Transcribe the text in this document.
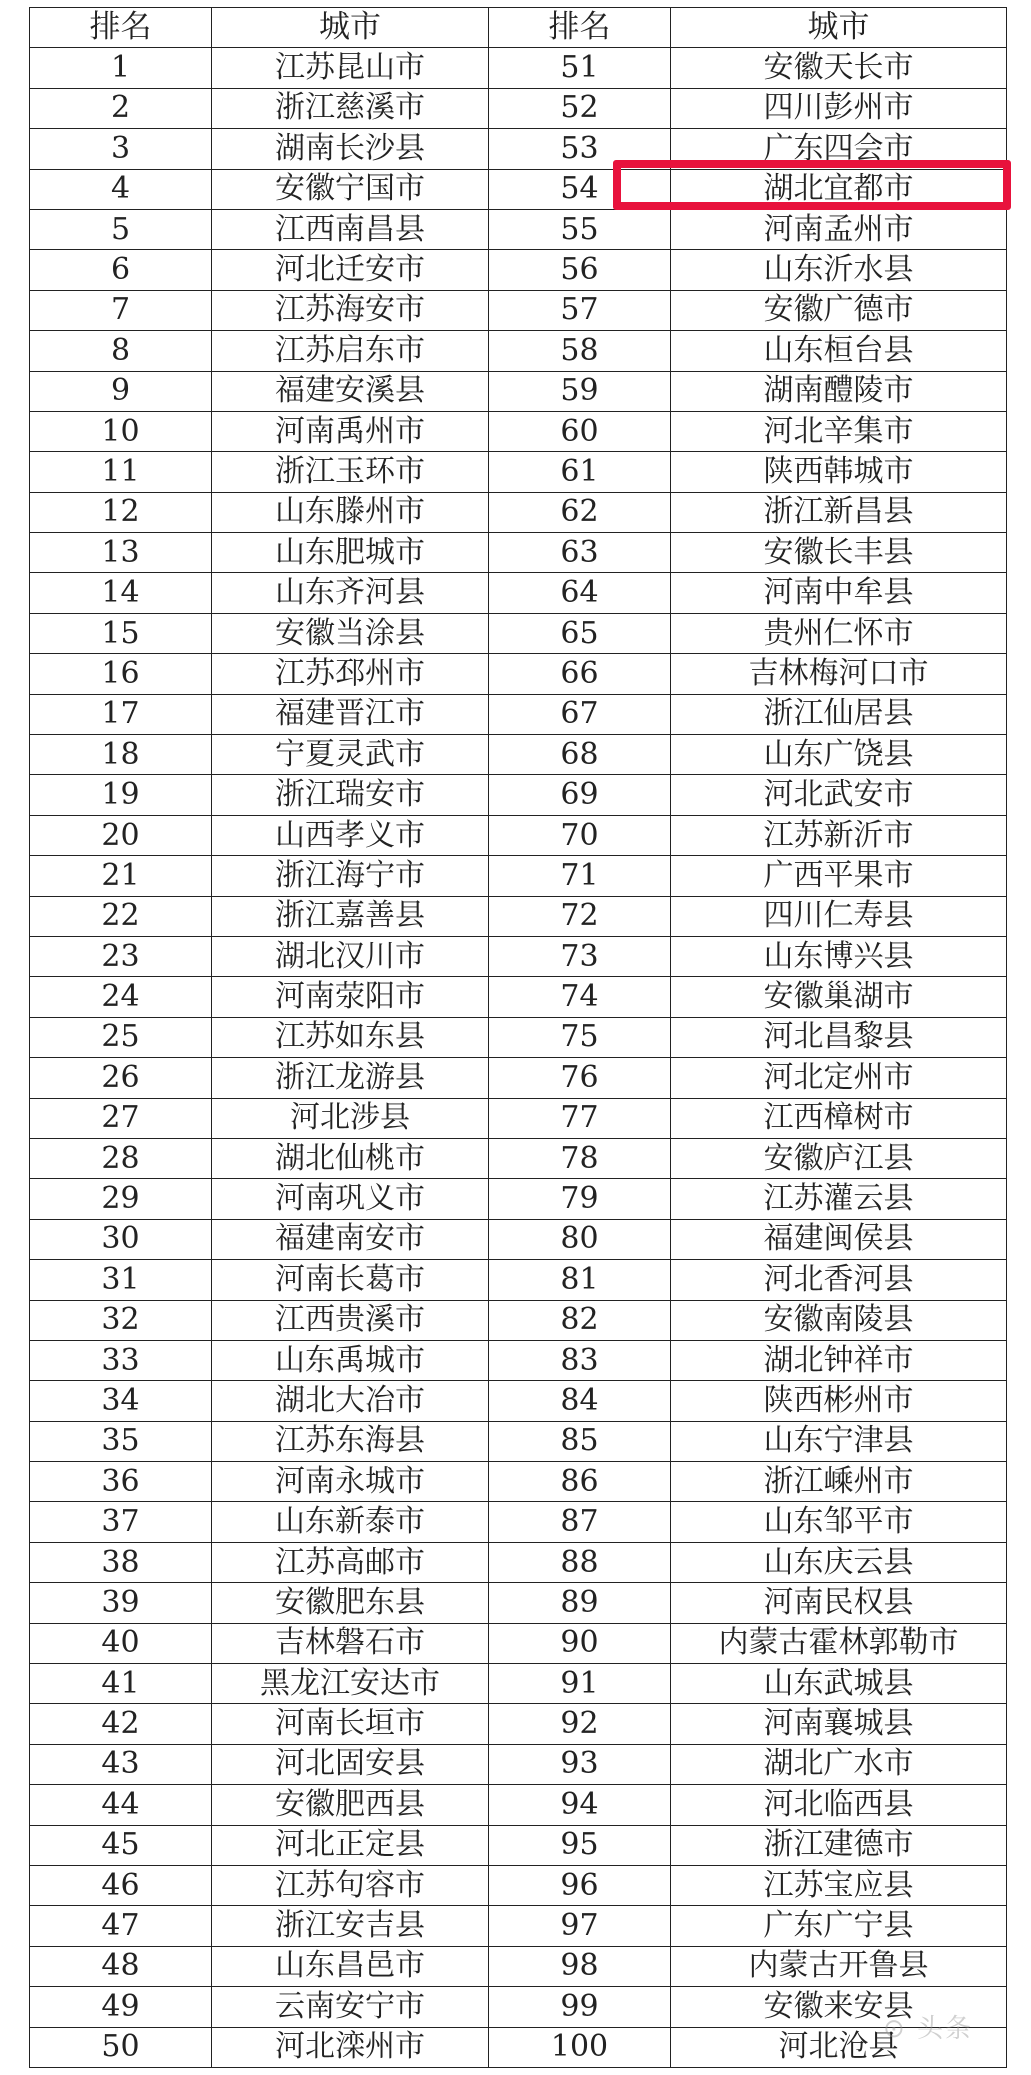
排名	城市	排名	城市
1	江苏昆山市	51	安徽天长市
2	浙江慈溪市	52	四川彭州市
3	湖南长沙县	53	广东四会市
4	安徽宁国市	54	湖北宜都市
5	江西南昌县	55	河南孟州市
6	河北迁安市	56	山东沂水县
7	江苏海安市	57	安徽广德市
8	江苏启东市	58	山东桓台县
9	福建安溪县	59	湖南醴陵市
10	河南禹州市	60	河北辛集市
11	浙江玉环市	61	陕西韩城市
12	山东滕州市	62	浙江新昌县
13	山东肥城市	63	安徽长丰县
14	山东齐河县	64	河南中牟县
15	安徽当涂县	65	贵州仁怀市
16	江苏邳州市	66	吉林梅河口市
17	福建晋江市	67	浙江仙居县
18	宁夏灵武市	68	山东广饶县
19	浙江瑞安市	69	河北武安市
20	山西孝义市	70	江苏新沂市
21	浙江海宁市	71	广西平果市
22	浙江嘉善县	72	四川仁寿县
23	湖北汉川市	73	山东博兴县
24	河南荥阳市	74	安徽巢湖市
25	江苏如东县	75	河北昌黎县
26	浙江龙游县	76	河北定州市
27	河北涉县	77	江西樟树市
28	湖北仙桃市	78	安徽庐江县
29	河南巩义市	79	江苏灌云县
30	福建南安市	80	福建闽侯县
31	河南长葛市	81	河北香河县
32	江西贵溪市	82	安徽南陵县
33	山东禹城市	83	湖北钟祥市
34	湖北大冶市	84	陕西彬州市
35	江苏东海县	85	山东宁津县
36	河南永城市	86	浙江嵊州市
37	山东新泰市	87	山东邹平市
38	江苏高邮市	88	山东庆云县
39	安徽肥东县	89	河南民权县
40	吉林磐石市	90	内蒙古霍林郭勒市
41	黑龙江安达市	91	山东武城县
42	河南长垣市	92	河南襄城县
43	河北固安县	93	湖北广水市
44	安徽肥西县	94	河北临西县
45	河北正定县	95	浙江建德市
46	江苏句容市	96	江苏宝应县
47	浙江安吉县	97	广东广宁县
48	山东昌邑市	98	内蒙古开鲁县
49	云南安宁市	99	安徽来安县
50	河北滦州市	100	河北沧县
⊙ 头条
